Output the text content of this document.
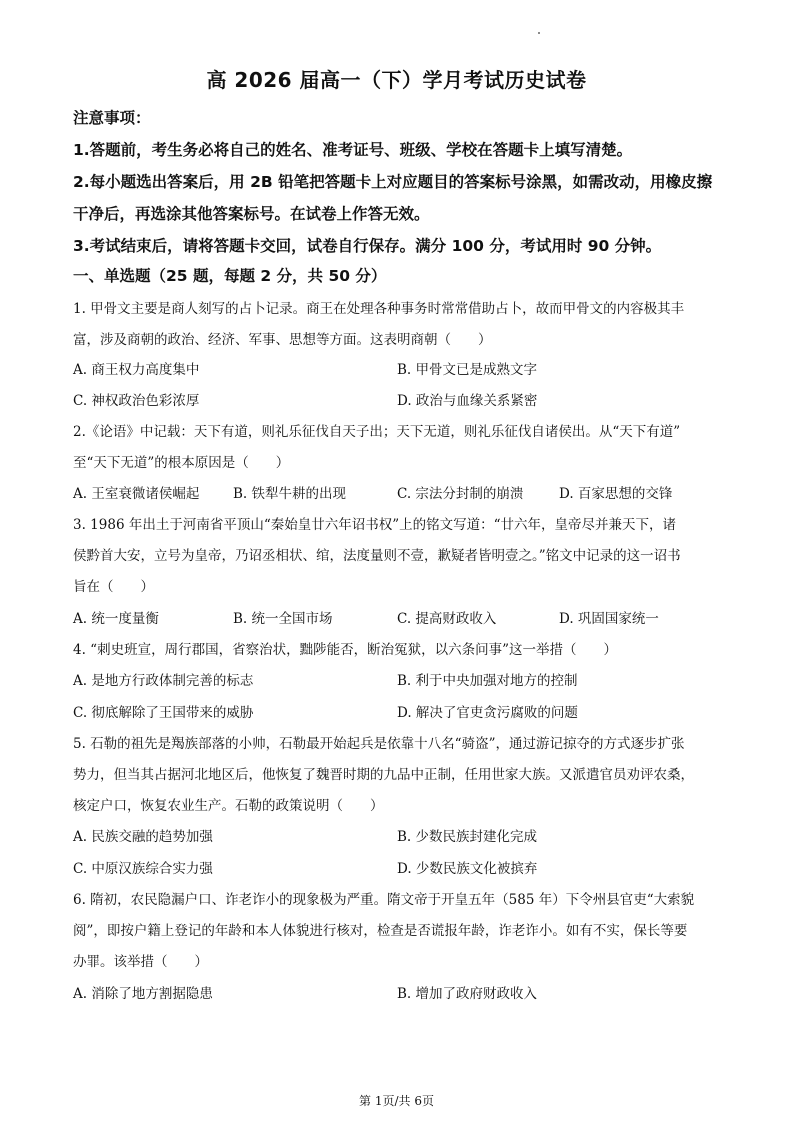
高 2026 届高一（下）学月考试历史试卷
注意事项：
1.答题前，考生务必将自己的姓名、准考证号、班级、学校在答题卡上填写清楚。
2.每小题选出答案后，用 2B 铅笔把答题卡上对应题目的答案标号涂黑，如需改动，用橡皮擦
干净后，再选涂其他答案标号。在试卷上作答无效。
3.考试结束后，请将答题卡交回，试卷自行保存。满分 100 分，考试用时 90 分钟。
一、单选题（25 题，每题 2 分，共 50 分）
1. 甲骨文主要是商人刻写的占卜记录。商王在处理各种事务时常常借助占卜，故而甲骨文的内容极其丰
富，涉及商朝的政治、经济、军事、思想等方面。这表明商朝（　　）
A. 商王权力高度集中	B. 甲骨文已是成熟文字
C. 神权政治色彩浓厚	D. 政治与血缘关系紧密
2.《论语》中记载：天下有道，则礼乐征伐自天子出；天下无道，则礼乐征伐自诸侯出。从“天下有道”
至“天下无道”的根本原因是（　　）
A. 王室衰微诸侯崛起 B. 铁犁牛耕的出现	C. 宗法分封制的崩溃	D. 百家思想的交锋
3. 1986 年出土于河南省平顶山“秦始皇廿六年诏书权”上的铭文写道：“廿六年，皇帝尽并兼天下，诸
侯黔首大安，立号为皇帝，乃诏丞相状、绾，法度量则不壹，歉疑者皆明壹之。”铭文中记录的这一诏书
旨在（　　）
A. 统一度量衡	B. 统一全国市场	C. 提高财政收入	D. 巩固国家统一
4. “刺史班宣，周行郡国，省察治状，黜陟能否，断治冤狱，以六条问事”这一举措（　　）
A. 是地方行政体制完善的标志	B. 利于中央加强对地方的控制
C. 彻底解除了王国带来的威胁	D. 解决了官吏贪污腐败的问题
5. 石勒的祖先是羯族部落的小帅，石勒最开始起兵是依靠十八名“骑盗”，通过游记掠夺的方式逐步扩张
势力，但当其占据河北地区后，他恢复了魏晋时期的九品中正制，任用世家大族。又派遣官员劝评农桑，
核定户口，恢复农业生产。石勒的政策说明（　　）
A. 民族交融的趋势加强	B. 少数民族封建化完成
C. 中原汉族综合实力强	D. 少数民族文化被摈弃
6. 隋初，农民隐漏户口、诈老诈小的现象极为严重。隋文帝于开皇五年（585 年）下令州县官吏“大索貌
阅”，即按户籍上登记的年龄和本人体貌进行核对，检查是否谎报年龄，诈老诈小。如有不实，保长等要
办罪。该举措（　　）
A. 消除了地方割据隐患	B. 增加了政府财政收入
第 1页/共 6页
